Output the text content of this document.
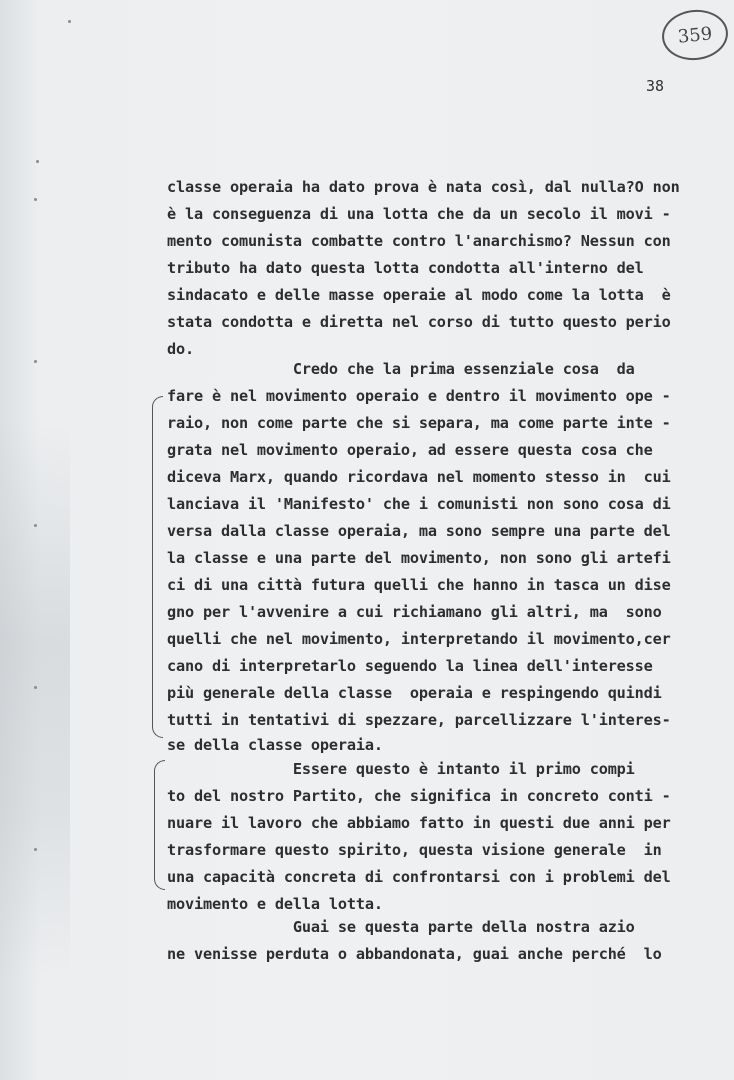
359
38
classe operaia ha dato prova è nata così, dal nulla?O non
è la conseguenza di una lotta che da un secolo il movi -
mento comunista combatte contro l'anarchismo? Nessun con
tributo ha dato questa lotta condotta all'interno del
sindacato e delle masse operaie al modo come la lotta  è
stata condotta e diretta nel corso di tutto questo perio
do.
Credo che la prima essenziale cosa  da
fare è nel movimento operaio e dentro il movimento ope -
raio, non come parte che si separa, ma come parte inte -
grata nel movimento operaio, ad essere questa cosa che
diceva Marx, quando ricordava nel momento stesso in  cui
lanciava il 'Manifesto' che i comunisti non sono cosa di
versa dalla classe operaia, ma sono sempre una parte del
la classe e una parte del movimento, non sono gli artefi
ci di una città futura quelli che hanno in tasca un dise
gno per l'avvenire a cui richiamano gli altri, ma  sono
quelli che nel movimento, interpretando il movimento,cer
cano di interpretarlo seguendo la linea dell'interesse
più generale della classe  operaia e respingendo quindi
tutti in tentativi di spezzare, parcellizzare l'interes-
se della classe operaia.
Essere questo è intanto il primo compi
to del nostro Partito, che significa in concreto conti -
nuare il lavoro che abbiamo fatto in questi due anni per
trasformare questo spirito, questa visione generale  in
una capacità concreta di confrontarsi con i problemi del
movimento e della lotta.
Guai se questa parte della nostra azio
ne venisse perduta o abbandonata, guai anche perché  lo
